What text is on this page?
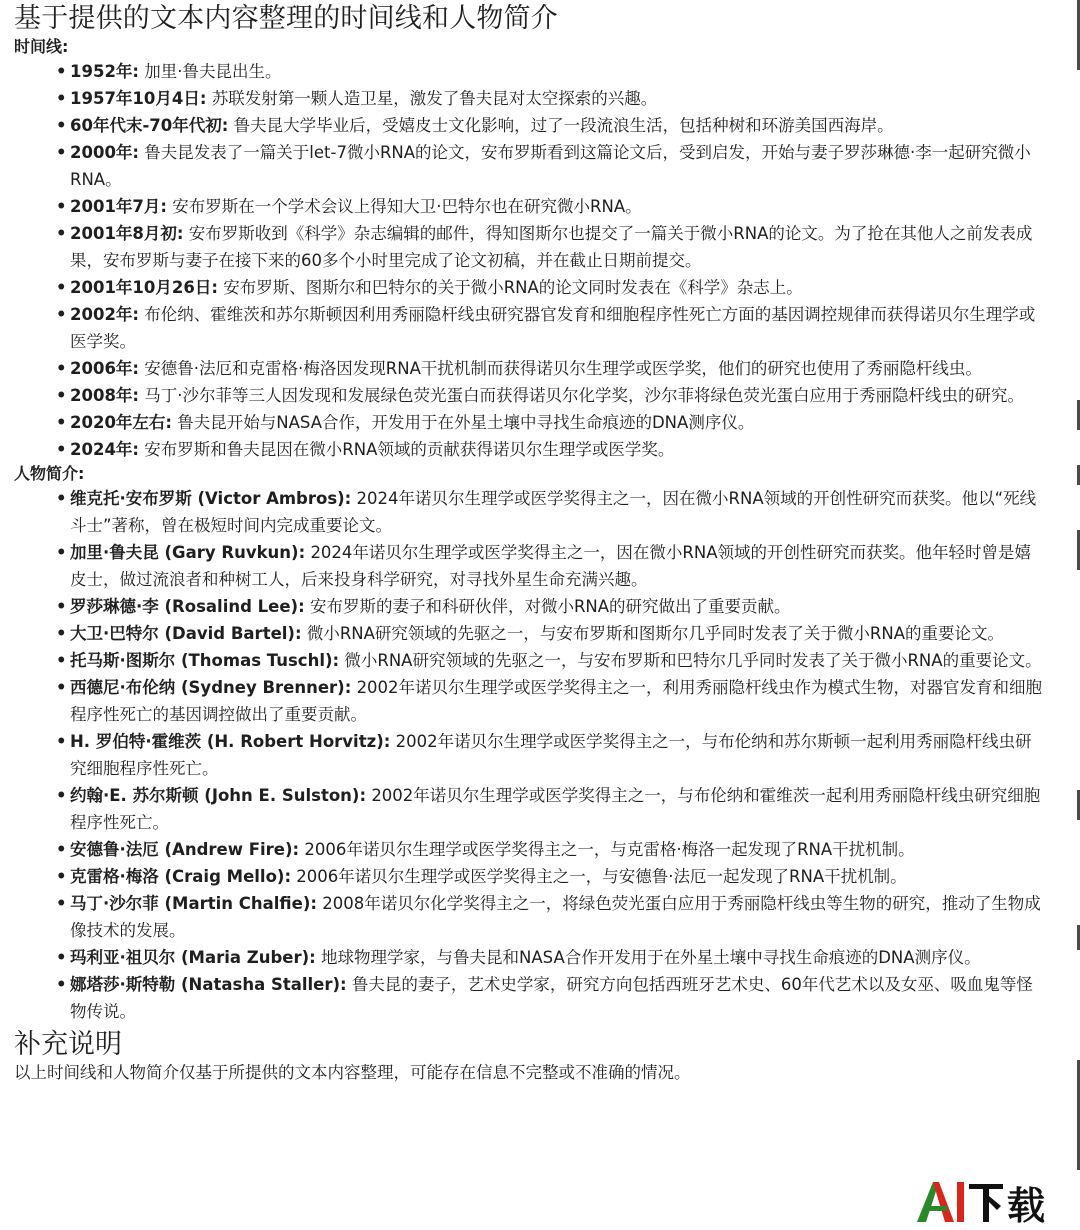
基于提供的文本内容整理的时间线和人物简介
时间线:
• 1952年: 加里·鲁夫昆出生。
• 1957年10月4日: 苏联发射第一颗人造卫星，激发了鲁夫昆对太空探索的兴趣。
• 60年代末-70年代初: 鲁夫昆大学毕业后，受嬉皮士文化影响，过了一段流浪生活，包括种树和环游美国西海岸。
• 2000年: 鲁夫昆发表了一篇关于let-7微小RNA的论文，安布罗斯看到这篇论文后，受到启发，开始与妻子罗莎琳德·李一起研究微小RNA。
• 2001年7月: 安布罗斯在一个学术会议上得知大卫·巴特尔也在研究微小RNA。
• 2001年8月初: 安布罗斯收到《科学》杂志编辑的邮件，得知图斯尔也提交了一篇关于微小RNA的论文。为了抢在其他人之前发表成果，安布罗斯与妻子在接下来的60多个小时里完成了论文初稿，并在截止日期前提交。
• 2001年10月26日: 安布罗斯、图斯尔和巴特尔的关于微小RNA的论文同时发表在《科学》杂志上。
• 2002年: 布伦纳、霍维茨和苏尔斯顿因利用秀丽隐杆线虫研究器官发育和细胞程序性死亡方面的基因调控规律而获得诺贝尔生理学或医学奖。
• 2006年: 安德鲁·法厄和克雷格·梅洛因发现RNA干扰机制而获得诺贝尔生理学或医学奖，他们的研究也使用了秀丽隐杆线虫。
• 2008年: 马丁·沙尔菲等三人因发现和发展绿色荧光蛋白而获得诺贝尔化学奖，沙尔菲将绿色荧光蛋白应用于秀丽隐杆线虫的研究。
• 2020年左右: 鲁夫昆开始与NASA合作，开发用于在外星土壤中寻找生命痕迹的DNA测序仪。
• 2024年: 安布罗斯和鲁夫昆因在微小RNA领域的贡献获得诺贝尔生理学或医学奖。
人物简介:
• 维克托·安布罗斯 (Victor Ambros): 2024年诺贝尔生理学或医学奖得主之一，因在微小RNA领域的开创性研究而获奖。他以“死线斗士”著称，曾在极短时间内完成重要论文。
• 加里·鲁夫昆 (Gary Ruvkun): 2024年诺贝尔生理学或医学奖得主之一，因在微小RNA领域的开创性研究而获奖。他年轻时曾是嬉皮士，做过流浪者和种树工人，后来投身科学研究，对寻找外星生命充满兴趣。
• 罗莎琳德·李 (Rosalind Lee): 安布罗斯的妻子和科研伙伴，对微小RNA的研究做出了重要贡献。
• 大卫·巴特尔 (David Bartel): 微小RNA研究领域的先驱之一，与安布罗斯和图斯尔几乎同时发表了关于微小RNA的重要论文。
• 托马斯·图斯尔 (Thomas Tuschl): 微小RNA研究领域的先驱之一，与安布罗斯和巴特尔几乎同时发表了关于微小RNA的重要论文。
• 西德尼·布伦纳 (Sydney Brenner): 2002年诺贝尔生理学或医学奖得主之一，利用秀丽隐杆线虫作为模式生物，对器官发育和细胞程序性死亡的基因调控做出了重要贡献。
• H. 罗伯特·霍维茨 (H. Robert Horvitz): 2002年诺贝尔生理学或医学奖得主之一，与布伦纳和苏尔斯顿一起利用秀丽隐杆线虫研究细胞程序性死亡。
• 约翰·E. 苏尔斯顿 (John E. Sulston): 2002年诺贝尔生理学或医学奖得主之一，与布伦纳和霍维茨一起利用秀丽隐杆线虫研究细胞程序性死亡。
• 安德鲁·法厄 (Andrew Fire): 2006年诺贝尔生理学或医学奖得主之一，与克雷格·梅洛一起发现了RNA干扰机制。
• 克雷格·梅洛 (Craig Mello): 2006年诺贝尔生理学或医学奖得主之一，与安德鲁·法厄一起发现了RNA干扰机制。
• 马丁·沙尔菲 (Martin Chalfie): 2008年诺贝尔化学奖得主之一，将绿色荧光蛋白应用于秀丽隐杆线虫等生物的研究，推动了生物成像技术的发展。
• 玛利亚·祖贝尔 (Maria Zuber): 地球物理学家，与鲁夫昆和NASA合作开发用于在外星土壤中寻找生命痕迹的DNA测序仪。
• 娜塔莎·斯特勒 (Natasha Staller): 鲁夫昆的妻子，艺术史学家，研究方向包括西班牙艺术史、60年代艺术以及女巫、吸血鬼等怪物传说。
补充说明
以上时间线和人物简介仅基于所提供的文本内容整理，可能存在信息不完整或不准确的情况。
载
